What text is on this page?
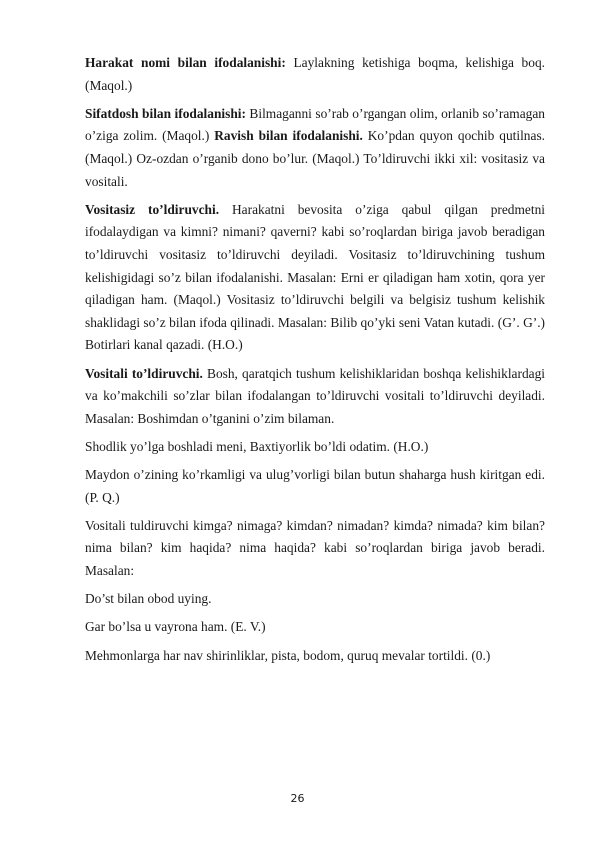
Harakat nomi bilan ifodalanishi: Laylakning ketishiga boqma, kelishiga boq. (Maqol.)

Sifatdosh bilan ifodalanishi: Bilmaganni so’rab o’rgangan olim, orlanib so’ramagan o’ziga zolim. (Maqol.) Ravish bilan ifodalanishi. Ko’pdan quyon qochib qutilnas. (Maqol.) Oz-ozdan o’rganib dono bo’lur. (Maqol.) To’ldiruvchi ikki xil: vositasiz va vositali.

Vositasiz to’ldiruvchi. Harakatni bevosita o’ziga qabul qilgan predmetni ifodalaydigan va kimni? nimani? qaverni? kabi so’roqlardan biriga javob beradigan to’ldiruvchi vositasiz to’ldiruvchi deyiladi. Vositasiz to’ldiruvchining tushum kelishigidagi so’z bilan ifodalanishi. Masalan: Erni er qiladigan ham xotin, qora yer qiladigan ham. (Maqol.) Vositasiz to’ldiruvchi belgili va belgisiz tushum kelishik shaklidagi so’z bilan ifoda qilinadi. Masalan: Bilib qo’yki seni Vatan kutadi. (G’. G’.) Botirlari kanal qazadi. (H.O.)

Vositali to’ldiruvchi. Bosh, qaratqich tushum kelishiklaridan boshqa kelishiklardagi va ko’makchili so’zlar bilan ifodalangan to’ldiruvchi vositali to’ldiruvchi deyiladi. Masalan: Boshimdan o’tganini o’zim bilaman.

Shodlik yo’lga boshladi meni, Baxtiyorlik bo’ldi odatim. (H.O.)

Maydon o’zining ko’rkamligi va ulug’vorligi bilan butun shaharga hush kiritgan edi. (P. Q.)

Vositali tuldiruvchi kimga? nimaga? kimdan? nimadan? kimda? nimada? kim bilan? nima bilan? kim haqida? nima haqida? kabi so’roqlardan biriga javob beradi. Masalan:

Do’st bilan obod uying.

Gar bo’lsa u vayrona ham. (E. V.)

Mehmonlarga har nav shirinliklar, pista, bodom, quruq mevalar tortildi. (0.)

26
